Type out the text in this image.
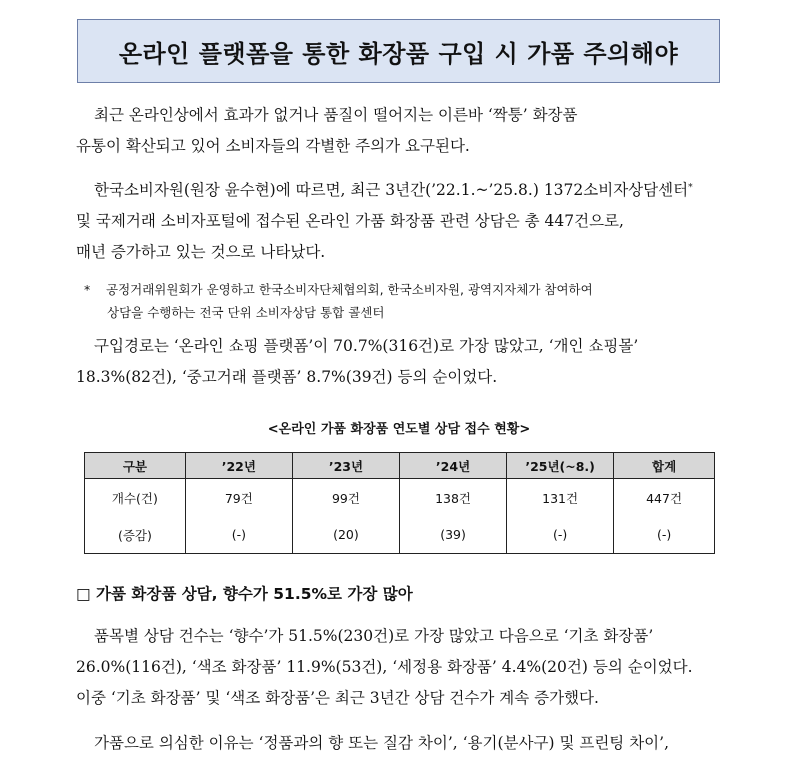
온라인 플랫폼을 통한 화장품 구입 시 가품 주의해야
최근 온라인상에서 효과가 없거나 품질이 떨어지는 이른바 ‘짝퉁’ 화장품
유통이 확산되고 있어 소비자들의 각별한 주의가 요구된다.
한국소비자원(원장 윤수현)에 따르면, 최근 3년간(’22.1.~’25.8.) 1372소비자상담센터*
및 국제거래 소비자포털에 접수된 온라인 가품 화장품 관련 상담은 총 447건으로,
매년 증가하고 있는 것으로 나타났다.
*	공정거래위원회가 운영하고 한국소비자단체협의회, 한국소비자원, 광역지자체가 참여하여
상담을 수행하는 전국 단위 소비자상담 통합 콜센터
구입경로는 ‘온라인 쇼핑 플랫폼’이 70.7%(316건)로 가장 많았고, ‘개인 쇼핑몰’
18.3%(82건), ‘중고거래 플랫폼’ 8.7%(39건) 등의 순이었다.
<온라인 가품 화장품 연도별 상담 접수 현황>
구분	’22년	’23년	’24년	’25년(~8.)	합계
개수(건)	79건	99건	138건	131건	447건
(증감)	(-)	(20)	(39)	(-)	(-)
□ 가품 화장품 상담, 향수가 51.5%로 가장 많아
품목별 상담 건수는 ‘향수’가 51.5%(230건)로 가장 많았고 다음으로 ‘기초 화장품’
26.0%(116건), ‘색조 화장품’ 11.9%(53건), ‘세정용 화장품’ 4.4%(20건) 등의 순이었다.
이중 ‘기초 화장품’ 및 ‘색조 화장품’은 최근 3년간 상담 건수가 계속 증가했다.
가품으로 의심한 이유는 ‘정품과의 향 또는 질감 차이’, ‘용기(분사구) 및 프린팅 차이’,
